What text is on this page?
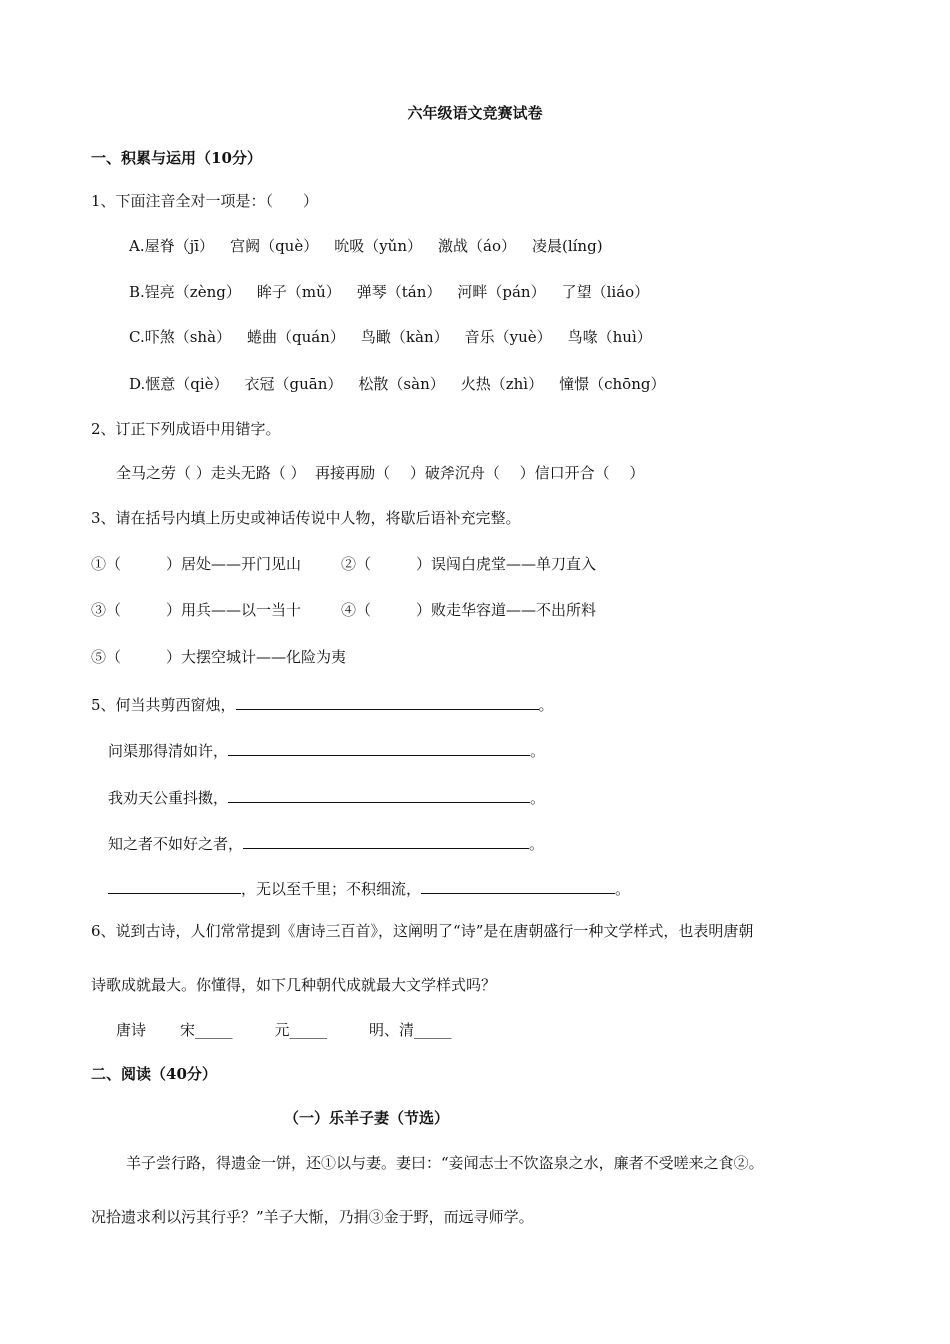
六年级语文竞赛试卷
一、积累与运用（10分）
1、下面注音全对一项是：（　　）
A.屋脊（jī） 宫阙（què） 吮吸（yǔn） 激战（áo） 凌晨(líng)
B.锃亮（zèng） 眸子（mǔ） 弹琴（tán） 河畔（pán） 了望（liáo）
C.吓煞（shà） 蜷曲（quán） 鸟瞰（kàn） 音乐（yuè） 鸟喙（huì）
D.惬意（qiè） 衣冠（guān） 松散（sàn） 火热（zhì） 憧憬（chōng）
2、订正下列成语中用错字。
全马之劳（ ）走头无路（ ）  再接再励（　 ）破斧沉舟（　 ）信口开合（　 ）
3、请在括号内填上历史或神话传说中人物，将歇后语补充完整。
①（　　　）居处——开门见山	②（　　　）误闯白虎堂——单刀直入
③（　　　）用兵——以一当十	④（　　　）败走华容道——不出所料
⑤（　　　）大摆空城计——化险为夷
5、何当共剪西窗烛，	。
问渠那得清如许，	。
我劝天公重抖擞，	。
知之者不如好之者，	。
，无以至千里；不积细流，	。
6、说到古诗，人们常常提到《唐诗三百首》，这阐明了“诗”是在唐朝盛行一种文学样式，也表明唐朝
诗歌成就最大。你懂得，如下几种朝代成就最大文学样式吗？
唐诗 宋_____	元_____	明、清_____
二、阅读（40分）
（一）乐羊子妻（节选）
羊子尝行路，得遗金一饼，还①以与妻。妻曰：“妾闻志士不饮盗泉之水，廉者不受嗟来之食②。
况拾遗求利以污其行乎？”羊子大惭，乃捐③金于野，而远寻师学。
